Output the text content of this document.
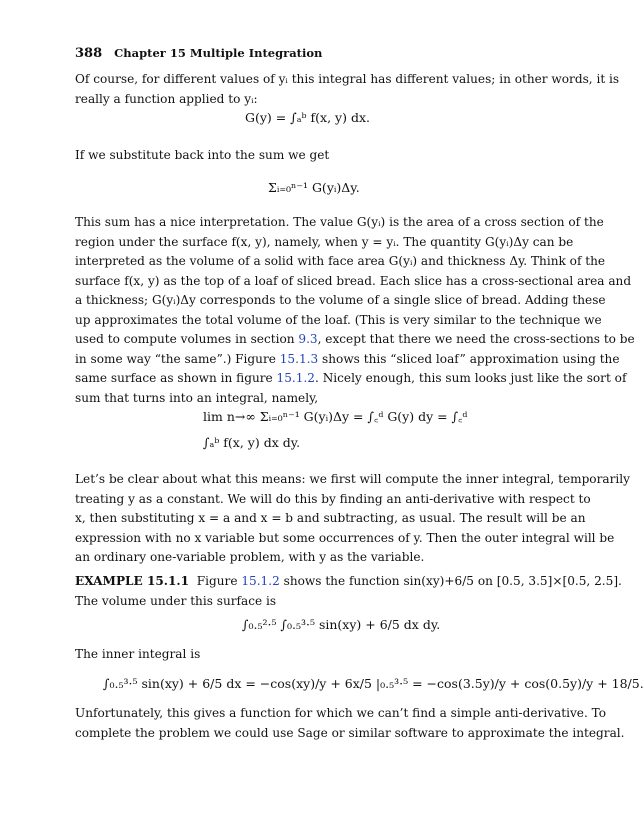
388 Chapter 15 Multiple Integration
Of course, for different values of yᵢ this integral has different values; in other words, it is
really a function applied to yᵢ:
G(y) = ∫ₐᵇ f(x, y) dx.
If we substitute back into the sum we get
Σᵢ₌₀ⁿ⁻¹ G(yᵢ)Δy.
This sum has a nice interpretation. The value G(yᵢ) is the area of a cross section of the
region under the surface f(x, y), namely, when y = yᵢ. The quantity G(yᵢ)Δy can be
interpreted as the volume of a solid with face area G(yᵢ) and thickness Δy. Think of the
surface f(x, y) as the top of a loaf of sliced bread. Each slice has a cross-sectional area and
a thickness; G(yᵢ)Δy corresponds to the volume of a single slice of bread. Adding these
up approximates the total volume of the loaf. (This is very similar to the technique we
used to compute volumes in section 9.3, except that there we need the cross-sections to be
in some way “the same”.) Figure 15.1.3 shows this “sliced loaf” approximation using the
same surface as shown in figure 15.1.2. Nicely enough, this sum looks just like the sort of
sum that turns into an integral, namely,
lim n→∞ Σᵢ₌₀ⁿ⁻¹ G(yᵢ)Δy = ∫꜀ᵈ G(y) dy = ∫꜀ᵈ ∫ₐᵇ f(x, y) dx dy.
Let’s be clear about what this means: we first will compute the inner integral, temporarily
treating y as a constant. We will do this by finding an anti-derivative with respect to
x, then substituting x = a and x = b and subtracting, as usual. The result will be an
expression with no x variable but some occurrences of y. Then the outer integral will be
an ordinary one-variable problem, with y as the variable.
EXAMPLE 15.1.1 Figure 15.1.2 shows the function sin(xy)+6/5 on [0.5, 3.5]×[0.5, 2.5].
The volume under this surface is
∫₀.₅²·⁵ ∫₀.₅³·⁵ sin(xy) + 6/5 dx dy.
The inner integral is
∫₀.₅³·⁵ sin(xy) + 6/5 dx = −cos(xy)/y + 6x/5 |₀.₅³·⁵ = −cos(3.5y)/y + cos(0.5y)/y + 18/5.
Unfortunately, this gives a function for which we can’t find a simple anti-derivative. To
complete the problem we could use Sage or similar software to approximate the integral.
